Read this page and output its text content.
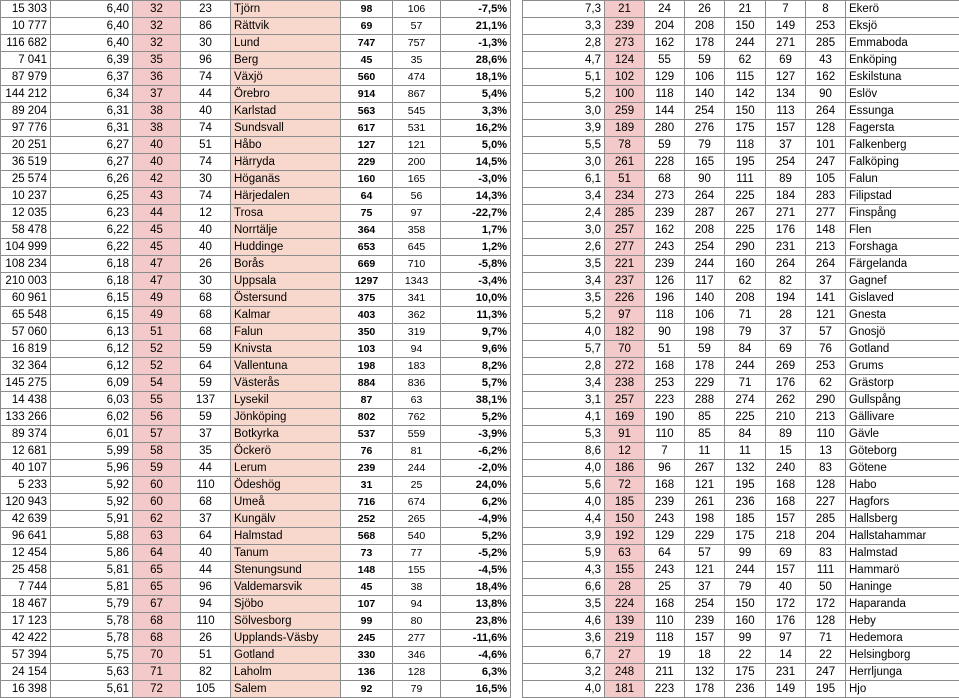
15 303	6,40	32	23	Tjörn	98	106	-7,5%
10 777	6,40	32	86	Rättvik	69	57	21,1%
116 682	6,40	32	30	Lund	747	757	-1,3%
7 041	6,39	35	96	Berg	45	35	28,6%
87 979	6,37	36	74	Växjö	560	474	18,1%
144 212	6,34	37	44	Örebro	914	867	5,4%
89 204	6,31	38	40	Karlstad	563	545	3,3%
97 776	6,31	38	74	Sundsvall	617	531	16,2%
20 251	6,27	40	51	Håbo	127	121	5,0%
36 519	6,27	40	74	Härryda	229	200	14,5%
25 574	6,26	42	30	Höganäs	160	165	-3,0%
10 237	6,25	43	74	Härjedalen	64	56	14,3%
12 035	6,23	44	12	Trosa	75	97	-22,7%
58 478	6,22	45	40	Norrtälje	364	358	1,7%
104 999	6,22	45	40	Huddinge	653	645	1,2%
108 234	6,18	47	26	Borås	669	710	-5,8%
210 003	6,18	47	30	Uppsala	1297	1343	-3,4%
60 961	6,15	49	68	Östersund	375	341	10,0%
65 548	6,15	49	68	Kalmar	403	362	11,3%
57 060	6,13	51	68	Falun	350	319	9,7%
16 819	6,12	52	59	Knivsta	103	94	9,6%
32 364	6,12	52	64	Vallentuna	198	183	8,2%
145 275	6,09	54	59	Västerås	884	836	5,7%
14 438	6,03	55	137	Lysekil	87	63	38,1%
133 266	6,02	56	59	Jönköping	802	762	5,2%
89 374	6,01	57	37	Botkyrka	537	559	-3,9%
12 681	5,99	58	35	Öckerö	76	81	-6,2%
40 107	5,96	59	44	Lerum	239	244	-2,0%
5 233	5,92	60	110	Ödeshög	31	25	24,0%
120 943	5,92	60	68	Umeå	716	674	6,2%
42 639	5,91	62	37	Kungälv	252	265	-4,9%
96 641	5,88	63	64	Halmstad	568	540	5,2%
12 454	5,86	64	40	Tanum	73	77	-5,2%
25 458	5,81	65	44	Stenungsund	148	155	-4,5%
7 744	5,81	65	96	Valdemarsvik	45	38	18,4%
18 467	5,79	67	94	Sjöbo	107	94	13,8%
17 123	5,78	68	110	Sölvesborg	99	80	23,8%
42 422	5,78	68	26	Upplands-Väsby	245	277	-11,6%
57 394	5,75	70	51	Gotland	330	346	-4,6%
24 154	5,63	71	82	Laholm	136	128	6,3%
16 398	5,61	72	105	Salem	92	79	16,5%
7,3	21	24	26	21	7	8	Ekerö
3,3	239	204	208	150	149	253	Eksjö
2,8	273	162	178	244	271	285	Emmaboda
4,7	124	55	59	62	69	43	Enköping
5,1	102	129	106	115	127	162	Eskilstuna
5,2	100	118	140	142	134	90	Eslöv
3,0	259	144	254	150	113	264	Essunga
3,9	189	280	276	175	157	128	Fagersta
5,5	78	59	79	118	37	101	Falkenberg
3,0	261	228	165	195	254	247	Falköping
6,1	51	68	90	111	89	105	Falun
3,4	234	273	264	225	184	283	Filipstad
2,4	285	239	287	267	271	277	Finspång
3,0	257	162	208	225	176	148	Flen
2,6	277	243	254	290	231	213	Forshaga
3,5	221	239	244	160	264	264	Färgelanda
3,4	237	126	117	62	82	37	Gagnef
3,5	226	196	140	208	194	141	Gislaved
5,2	97	118	106	71	28	121	Gnesta
4,0	182	90	198	79	37	57	Gnosjö
5,7	70	51	59	84	69	76	Gotland
2,8	272	168	178	244	269	253	Grums
3,4	238	253	229	71	176	62	Grästorp
3,1	257	223	288	274	262	290	Gullspång
4,1	169	190	85	225	210	213	Gällivare
5,3	91	110	85	84	89	110	Gävle
8,6	12	7	11	11	15	13	Göteborg
4,0	186	96	267	132	240	83	Götene
5,6	72	168	121	195	168	128	Habo
4,0	185	239	261	236	168	227	Hagfors
4,4	150	243	198	185	157	285	Hallsberg
3,9	192	129	229	175	218	204	Hallstahammar
5,9	63	64	57	99	69	83	Halmstad
4,3	155	243	121	244	157	111	Hammarö
6,6	28	25	37	79	40	50	Haninge
3,5	224	168	254	150	172	172	Haparanda
4,6	139	110	239	160	176	128	Heby
3,6	219	118	157	99	97	71	Hedemora
6,7	27	19	18	22	14	22	Helsingborg
3,2	248	211	132	175	231	247	Herrljunga
4,0	181	223	178	236	149	195	Hjo
